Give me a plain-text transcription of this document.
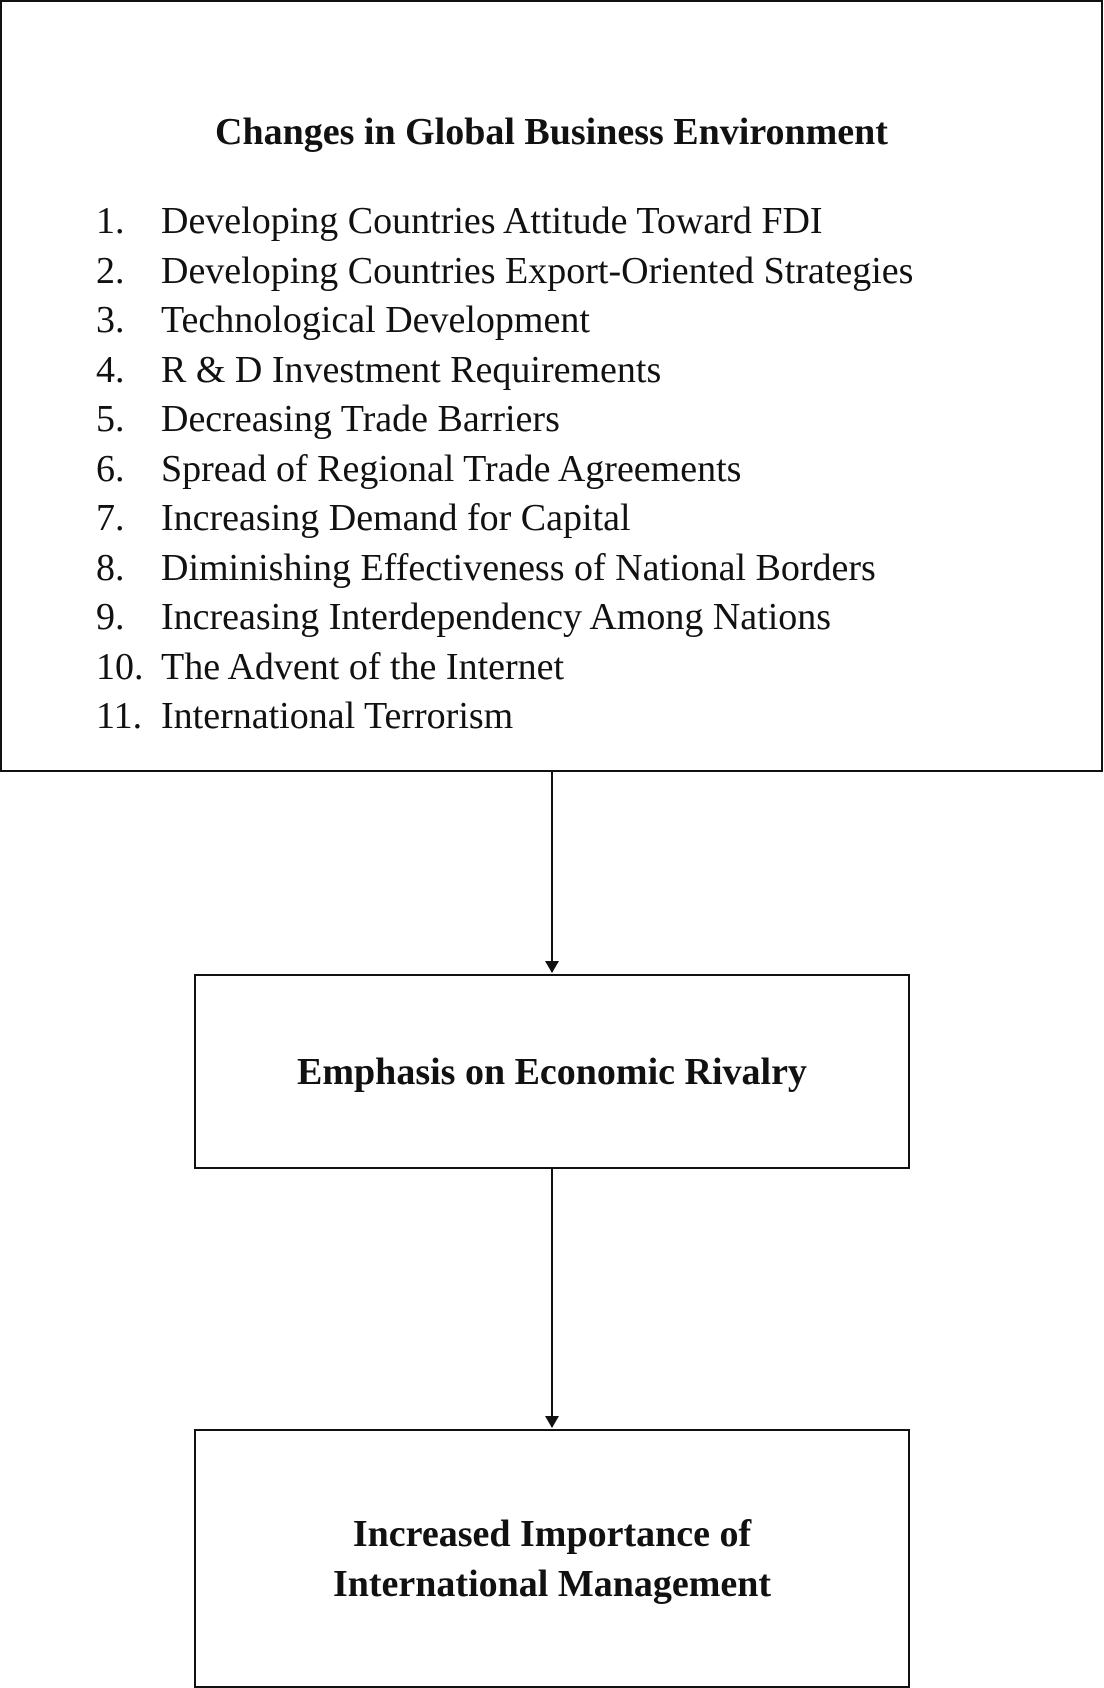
Changes in Global Business Environment
1. Developing Countries Attitude Toward FDI
2. Developing Countries Export-Oriented Strategies
3. Technological Development
4. R & D Investment Requirements
5. Decreasing Trade Barriers
6. Spread of Regional Trade Agreements
7. Increasing Demand for Capital
8. Diminishing Effectiveness of National Borders
9. Increasing Interdependency Among Nations
10. The Advent of the Internet
11. International Terrorism
Emphasis on Economic Rivalry
Increased Importance of
International Management
